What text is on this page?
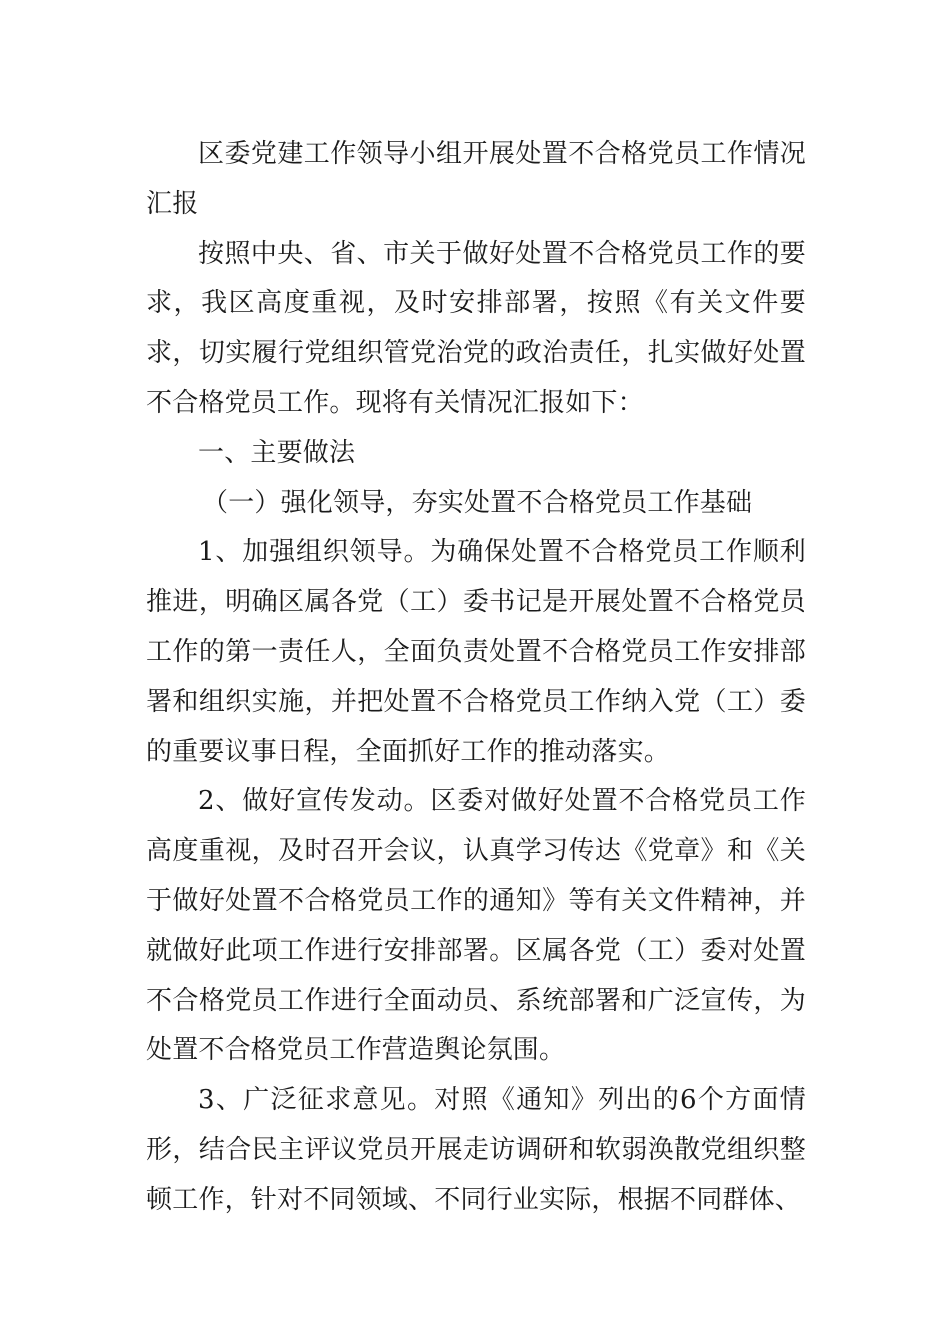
区委党建工作领导小组开展处置不合格党员工作情况汇报

按照中央、省、市关于做好处置不合格党员工作的要求，我区高度重视，及时安排部署，按照《有关文件要求，切实履行党组织管党治党的政治责任，扎实做好处置不合格党员工作。现将有关情况汇报如下：

一、主要做法

（一）强化领导，夯实处置不合格党员工作基础

1、加强组织领导。为确保处置不合格党员工作顺利推进，明确区属各党（工）委书记是开展处置不合格党员工作的第一责任人，全面负责处置不合格党员工作安排部署和组织实施，并把处置不合格党员工作纳入党（工）委的重要议事日程，全面抓好工作的推动落实。

2、做好宣传发动。区委对做好处置不合格党员工作高度重视，及时召开会议，认真学习传达《党章》和《关于做好处置不合格党员工作的通知》等有关文件精神，并就做好此项工作进行安排部署。区属各党（工）委对处置不合格党员工作进行全面动员、系统部署和广泛宣传，为处置不合格党员工作营造舆论氛围。

3、广泛征求意见。对照《通知》列出的6个方面情形，结合民主评议党员开展走访调研和软弱涣散党组织整顿工作，针对不同领域、不同行业实际，根据不同群体、
